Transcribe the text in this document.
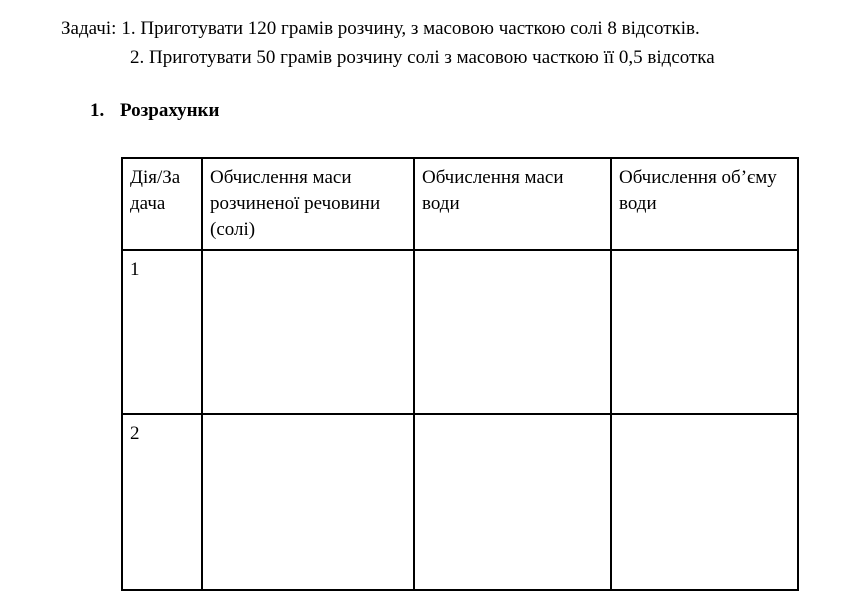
Задачі: 1. Приготувати 120 грамів розчину, з масовою часткою солі 8 відсотків.
2. Приготувати 50 грамів розчину солі з масовою часткою її 0,5 відсотка
1. Розрахунки
Дія/За дача	Обчислення маси розчиненої речовини (солі)	Обчислення маси води	Обчислення об’єму води
1			
2			
